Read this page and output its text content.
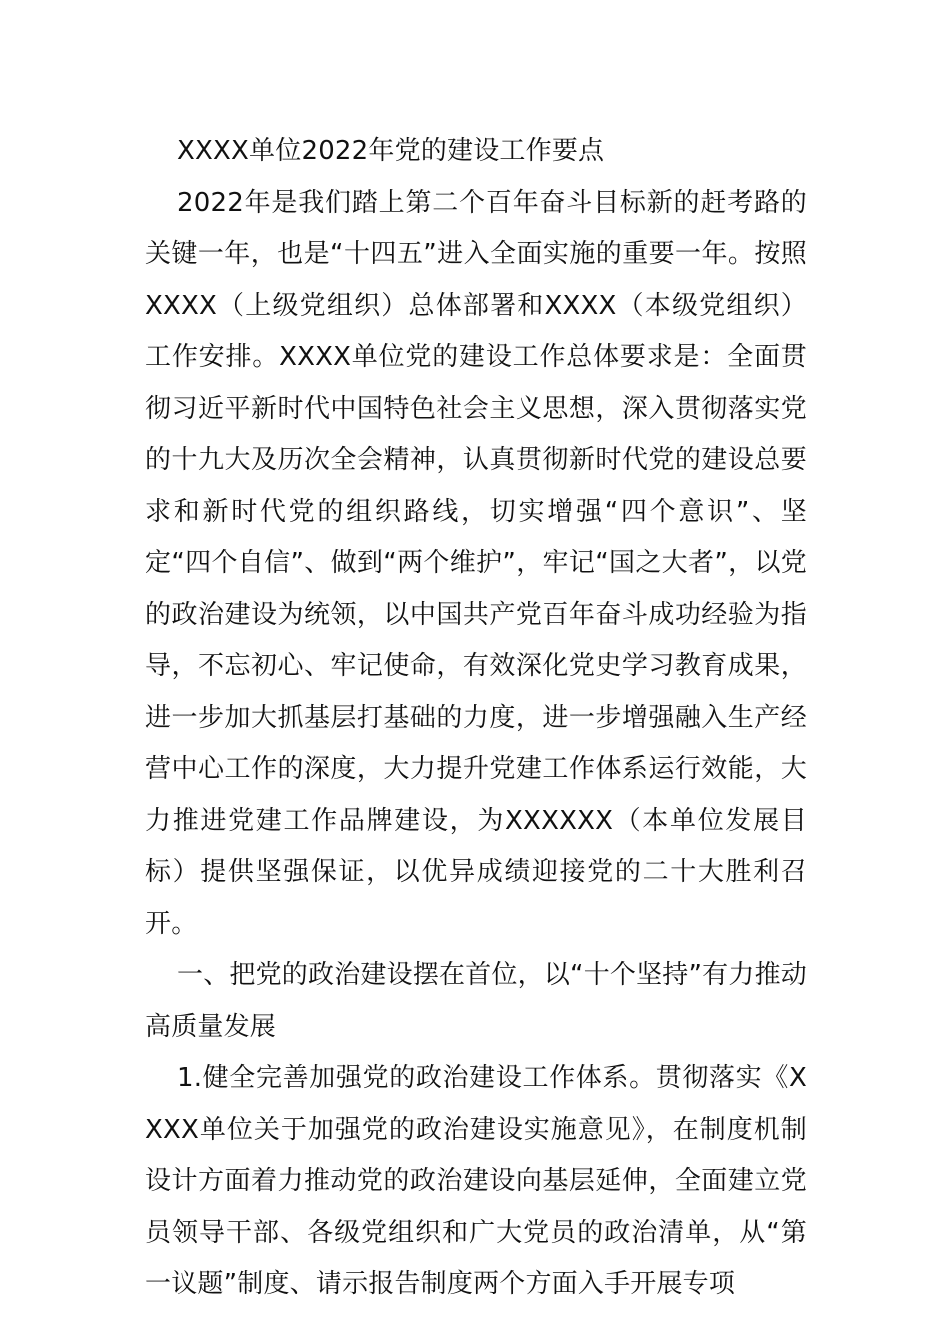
XXXX单位2022年党的建设工作要点

2022年是我们踏上第二个百年奋斗目标新的赶考路的关键一年，也是“十四五”进入全面实施的重要一年。按照XXXX（上级党组织）总体部署和XXXX（本级党组织）工作安排。XXXX单位党的建设工作总体要求是：全面贯彻习近平新时代中国特色社会主义思想，深入贯彻落实党的十九大及历次全会精神，认真贯彻新时代党的建设总要求和新时代党的组织路线，切实增强“四个意识”、坚定“四个自信”、做到“两个维护”，牢记“国之大者”，以党的政治建设为统领，以中国共产党百年奋斗成功经验为指导，不忘初心、牢记使命，有效深化党史学习教育成果，进一步加大抓基层打基础的力度，进一步增强融入生产经营中心工作的深度，大力提升党建工作体系运行效能，大力推进党建工作品牌建设，为XXXXXX（本单位发展目标）提供坚强保证，以优异成绩迎接党的二十大胜利召开。

一、把党的政治建设摆在首位，以“十个坚持”有力推动高质量发展

1.健全完善加强党的政治建设工作体系。贯彻落实《XXXX单位关于加强党的政治建设实施意见》，在制度机制设计方面着力推动党的政治建设向基层延伸，全面建立党员领导干部、各级党组织和广大党员的政治清单，从“第一议题”制度、请示报告制度两个方面入手开展专项
